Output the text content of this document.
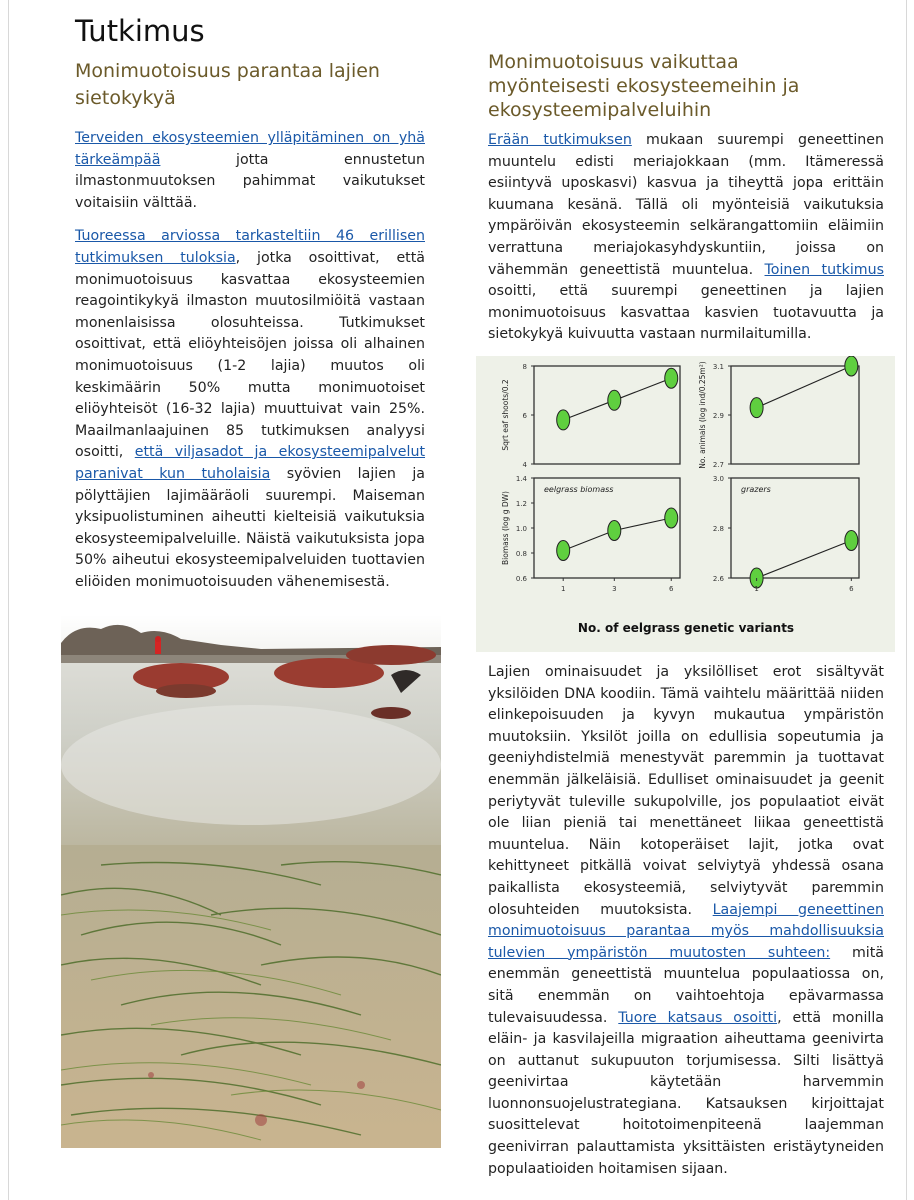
Tutkimus
Monimuotoisuus parantaa lajien sietokykyä
Monimuotoisuus vaikuttaa myönteisesti ekosysteemeihin ja ekosysteemipalveluihin

Terveiden ekosysteemien ylläpitäminen on yhä tärkeämpää jotta ennustetun ilmastonmuutoksen pahimmat vaikutukset voitaisiin välttää.

Tuoreessa arviossa tarkasteltiin 46 erillisen tutkimuksen tuloksia, jotka osoittivat, että monimuotoisuus kasvattaa ekosysteemien reagointikykyä ilmaston muutosilmiöitä vastaan monenlaisissa olosuhteissa. Tutkimukset osoittivat, että eliöyhteisöjen joissa oli alhainen monimuotoisuus (1-2 lajia) muutos oli keskimäärin 50% mutta monimuotoiset eliöyhteisöt (16-32 lajia) muuttuivat vain 25%. Maailmanlaajuinen 85 tutkimuksen analyysi osoitti, että viljasadot ja ekosysteemipalvelut paranivat kun tuholaisia syövien lajien ja pölyttäjien lajimääräoli suurempi. Maiseman yksipuolistuminen aiheutti kielteisiä vaikutuksia ekosysteemipalveluille. Näistä vaikutuksista jopa 50% aiheutui ekosysteemipalveluiden tuottavien eliöiden monimuotoisuuden vähenemisestä.

Erään tutkimuksen mukaan suurempi geneettinen muuntelu edisti meriajokkaan (mm. Itämeressä esiintyvä uposkasvi) kasvua ja tiheyttä jopa erittäin kuumana kesänä. Tällä oli myönteisiä vaikutuksia ympäröivän ekosysteemin selkärangattomiin eläimiin verrattuna meriajokasyhdyskuntiin, joissa on vähemmän geneettistä muuntelua. Toinen tutkimus osoitti, että suurempi geneettinen ja lajien monimuotoisuus kasvattaa kasvien tuotavuutta ja sietokykyä kuivuutta vastaan nurmilaitumilla.

4
6
8
Sqrt eaf shoots/0.2
2.7
2.9
3.1
No. animals (log ind/0.25m²)
0.6
0.8
1.0
1.2
1.4
Biomass (log g DW)
eelgrass biomass
2.6
2.8
3.0
grazers
1	3	6	1	6
No. of eelgrass genetic variants

Lajien ominaisuudet ja yksilölliset erot sisältyvät yksilöiden DNA koodiin. Tämä vaihtelu määrittää niiden elinkepoisuuden ja kyvyn mukautua ympäristön muutoksiin. Yksilöt joilla on edullisia sopeutumia ja geeniyhdistelmiä menestyvät paremmin ja tuottavat enemmän jälkeläisiä. Edulliset ominaisuudet ja geenit periytyvät tuleville sukupolville, jos populaatiot eivät ole liian pieniä tai menettäneet liikaa geneettistä muuntelua. Näin kotoperäiset lajit, jotka ovat kehittyneet pitkällä voivat selviytyä yhdessä osana paikallista ekosysteemiä, selviytyvät paremmin olosuhteiden muutoksista. Laajempi geneettinen monimuotoisuus parantaa myös mahdollisuuksia tulevien ympäristön muutosten suhteen: mitä enemmän geneettistä muuntelua populaatiossa on, sitä enemmän on vaihtoehtoja epävarmassa tulevaisuudessa. Tuore katsaus osoitti, että monilla eläin- ja kasvilajeilla migraation aiheuttama geenivirta on auttanut sukupuuton torjumisessa. Silti lisättyä geenivirtaa käytetään harvemmin luonnonsuojelustrategiana. Katsauksen kirjoittajat suosittelevat hoitotoimenpiteenä laajemman geenivirran palauttamista yksittäisten eristäytyneiden populaatioiden hoitamisen sijaan.
